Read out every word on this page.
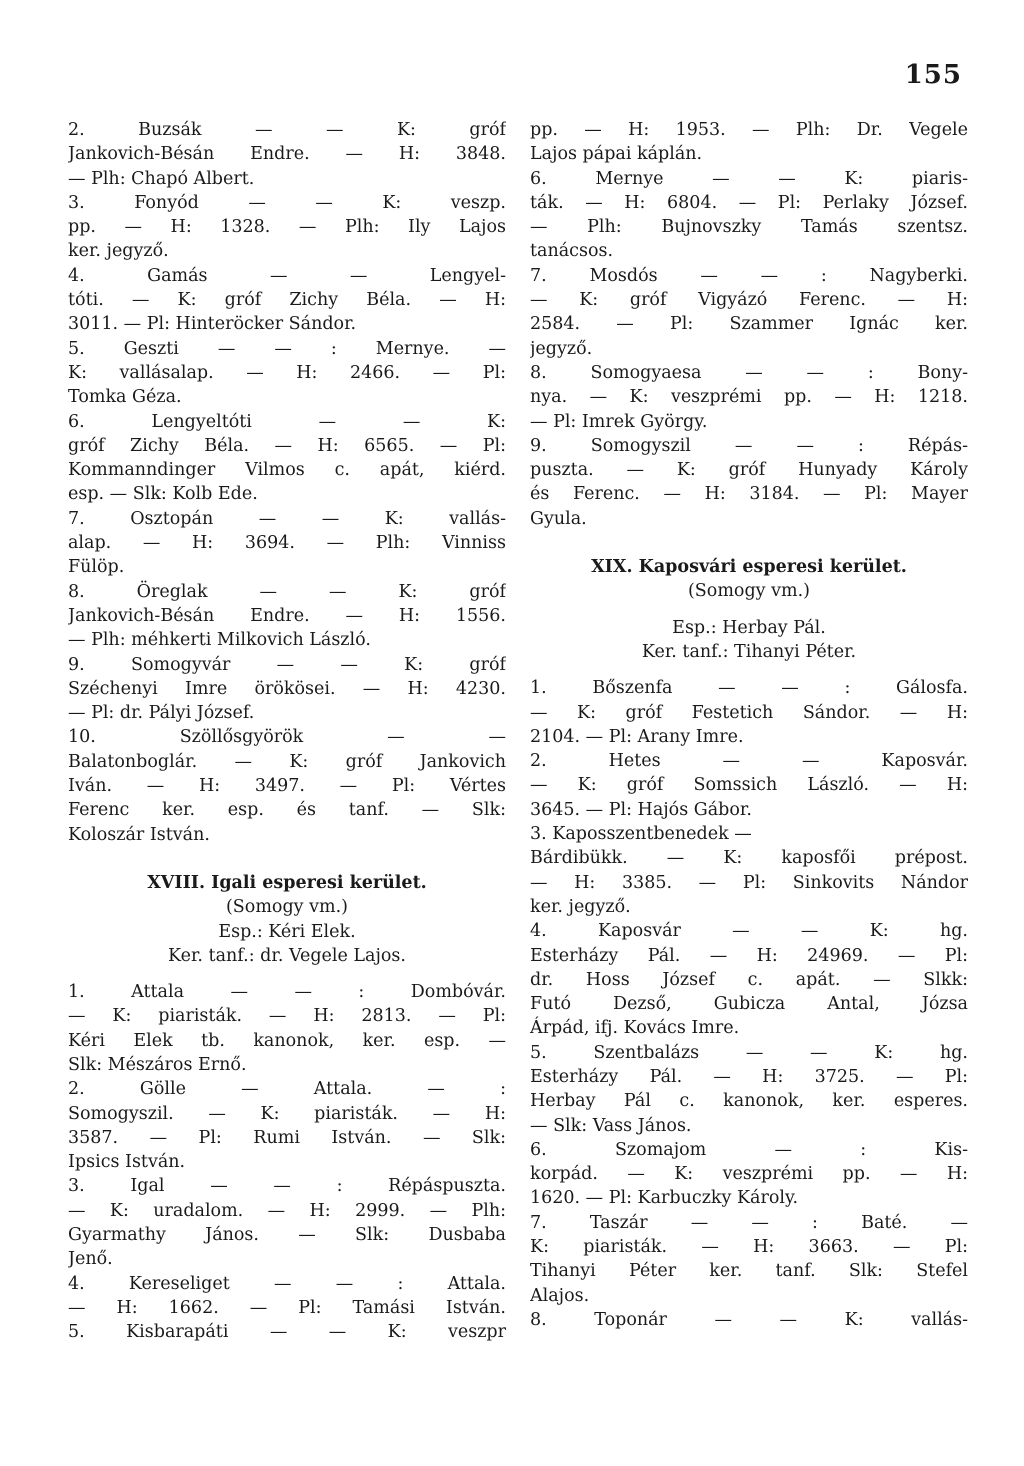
155
2. Buzsák — — K: gróf
Jankovich-Bésán Endre. — H: 3848.
— Plh: Chapó Albert.
3. Fonyód — — K: veszp.
pp. — H: 1328. — Plh: Ily Lajos
ker. jegyző.
4. Gamás — — Lengyel-
tóti. — K: gróf Zichy Béla. — H:
3011. — Pl: Hinteröcker Sándor.
5. Geszti — — : Mernye. —
K: vallásalap. — H: 2466. — Pl:
Tomka Géza.
6. Lengyeltóti — — K:
gróf Zichy Béla. — H: 6565. — Pl:
Kommanndinger Vilmos c. apát, kiérd.
esp. — Slk: Kolb Ede.
7. Osztopán — — K: vallás-
alap. — H: 3694. — Plh: Vinniss
Fülöp.
8. Öreglak — — K: gróf
Jankovich-Bésán Endre. — H: 1556.
— Plh: méhkerti Milkovich László.
9. Somogyvár — — K: gróf
Széchenyi Imre örökösei. — H: 4230.
— Pl: dr. Pályi József.
10. Szöllősgyörök — —
Balatonboglár. — K: gróf Jankovich
Iván. — H: 3497. — Pl: Vértes
Ferenc ker. esp. és tanf. — Slk:
Koloszár István.
XVIII. Igali esperesi kerület.
(Somogy vm.)
Esp.: Kéri Elek.
Ker. tanf.: dr. Vegele Lajos.
1. Attala — — : Dombóvár.
— K: piaristák. — H: 2813. — Pl:
Kéri Elek tb. kanonok, ker. esp. —
Slk: Mészáros Ernő.
2. Gölle — Attala. — :
Somogyszil. — K: piaristák. — H:
3587. — Pl: Rumi István. — Slk:
Ipsics István.
3. Igal — — : Répáspuszta.
— K: uradalom. — H: 2999. — Plh:
Gyarmathy János. — Slk: Dusbaba
Jenő.
4. Kereseliget — — : Attala.
— H: 1662. — Pl: Tamási István.
5. Kisbarapáti — — K: veszpr
pp. — H: 1953. — Plh: Dr. Vegele
Lajos pápai káplán.
6. Mernye — — K: piaris-
ták. — H: 6804. — Pl: Perlaky József.
— Plh: Bujnovszky Tamás szentsz.
tanácsos.
7. Mosdós — — : Nagyberki.
— K: gróf Vigyázó Ferenc. — H:
2584. — Pl: Szammer Ignác ker.
jegyző.
8. Somogyaesa — — : Bony-
nya. — K: veszprémi pp. — H: 1218.
— Pl: Imrek György.
9. Somogyszil — — : Répás-
puszta. — K: gróf Hunyady Károly
és Ferenc. — H: 3184. — Pl: Mayer
Gyula.
XIX. Kaposvári esperesi kerület.
(Somogy vm.)
Esp.: Herbay Pál.
Ker. tanf.: Tihanyi Péter.
1. Bőszenfa — — : Gálosfa.
— K: gróf Festetich Sándor. — H:
2104. — Pl: Arany Imre.
2. Hetes — — Kaposvár.
— K: gróf Somssich László. — H:
3645. — Pl: Hajós Gábor.
3. Kaposszentbenedek —
Bárdibükk. — K: kaposfői prépost.
— H: 3385. — Pl: Sinkovits Nándor
ker. jegyző.
4. Kaposvár — — K: hg.
Esterházy Pál. — H: 24969. — Pl:
dr. Hoss József c. apát. — Slkk:
Futó Dezső, Gubicza Antal, Józsa
Árpád, ifj. Kovács Imre.
5. Szentbalázs — — K: hg.
Esterházy Pál. — H: 3725. — Pl:
Herbay Pál c. kanonok, ker. esperes.
— Slk: Vass János.
6. Szomajom — : Kis-
korpád. — K: veszprémi pp. — H:
1620. — Pl: Karbuczky Károly.
7. Taszár — — : Baté. —
K: piaristák. — H: 3663. — Pl:
Tihanyi Péter ker. tanf. Slk: Stefel
Alajos.
8. Toponár — — K: vallás-
